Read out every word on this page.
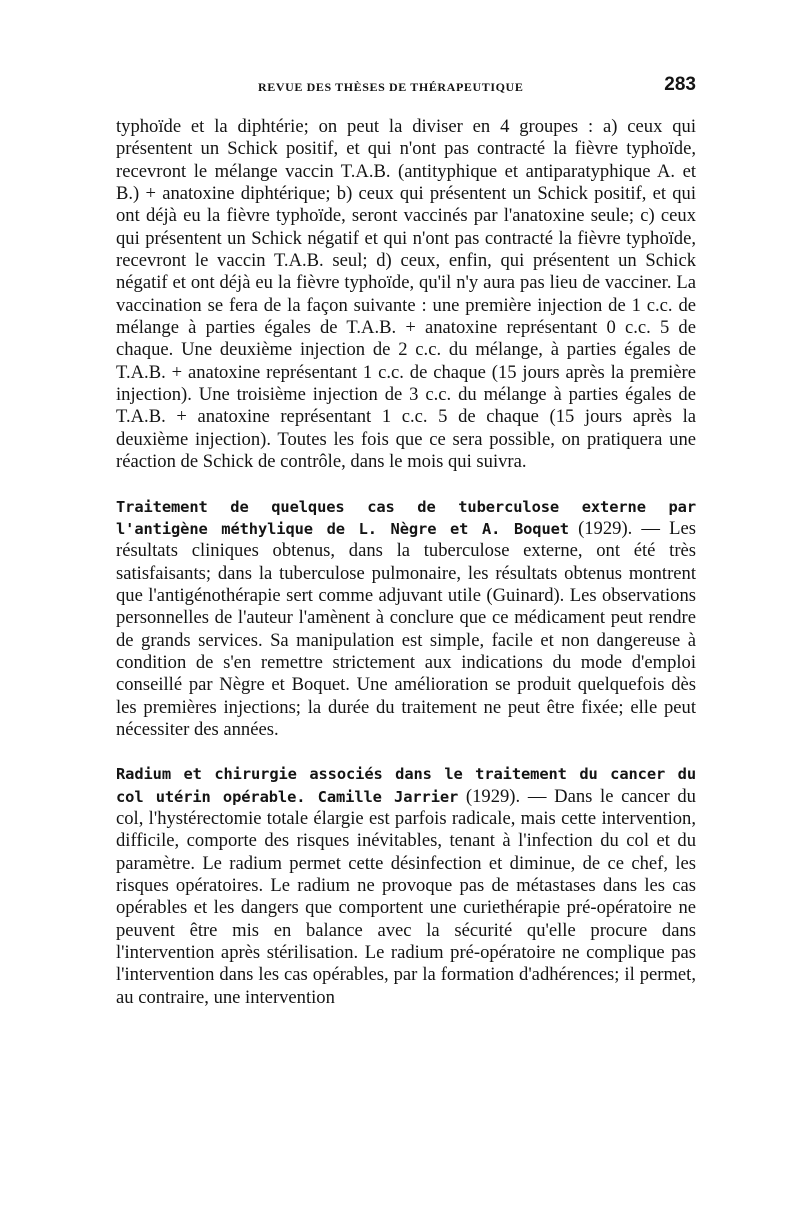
REVUE DES THÈSES DE THÉRAPEUTIQUE	283

typhoïde et la diphtérie; on peut la diviser en 4 groupes : a) ceux qui présentent un Schick positif, et qui n'ont pas contracté la fièvre typhoïde, recevront le mélange vaccin T.A.B. (antityphique et antiparatyphique A. et B.) + anatoxine diphtérique; b) ceux qui présentent un Schick positif, et qui ont déjà eu la fièvre typhoïde, seront vaccinés par l'anatoxine seule; c) ceux qui présentent un Schick négatif et qui n'ont pas contracté la fièvre typhoïde, recevront le vaccin T.A.B. seul; d) ceux, enfin, qui présentent un Schick négatif et ont déjà eu la fièvre typhoïde, qu'il n'y aura pas lieu de vacciner. La vaccination se fera de la façon suivante : une première injection de 1 c.c. de mélange à parties égales de T.A.B. + anatoxine représentant 0 c.c. 5 de chaque. Une deuxième injection de 2 c.c. du mélange, à parties égales de T.A.B. + anatoxine représentant 1 c.c. de chaque (15 jours après la première injection). Une troisième injection de 3 c.c. du mélange à parties égales de T.A.B. + anatoxine représentant 1 c.c. 5 de chaque (15 jours après la deuxième injection). Toutes les fois que ce sera possible, on pratiquera une réaction de Schick de contrôle, dans le mois qui suivra.

Traitement de quelques cas de tuberculose externe par l'antigène méthylique de L. Nègre et A. Boquet (1929). — Les résultats cliniques obtenus, dans la tuberculose externe, ont été très satisfaisants; dans la tuberculose pulmonaire, les résultats obtenus montrent que l'antigénothérapie sert comme adjuvant utile (Guinard). Les observations personnelles de l'auteur l'amènent à conclure que ce médicament peut rendre de grands services. Sa manipulation est simple, facile et non dangereuse à condition de s'en remettre strictement aux indications du mode d'emploi conseillé par Nègre et Boquet. Une amélioration se produit quelquefois dès les premières injections; la durée du traitement ne peut être fixée; elle peut nécessiter des années.

Radium et chirurgie associés dans le traitement du cancer du col utérin opérable. Camille Jarrier (1929). — Dans le cancer du col, l'hystérectomie totale élargie est parfois radicale, mais cette intervention, difficile, comporte des risques inévitables, tenant à l'infection du col et du paramètre. Le radium permet cette désinfection et diminue, de ce chef, les risques opératoires. Le radium ne provoque pas de métastases dans les cas opérables et les dangers que comportent une curiethérapie pré-opératoire ne peuvent être mis en balance avec la sécurité qu'elle procure dans l'intervention après stérilisation. Le radium pré-opératoire ne complique pas l'intervention dans les cas opérables, par la formation d'adhérences; il permet, au contraire, une intervention
